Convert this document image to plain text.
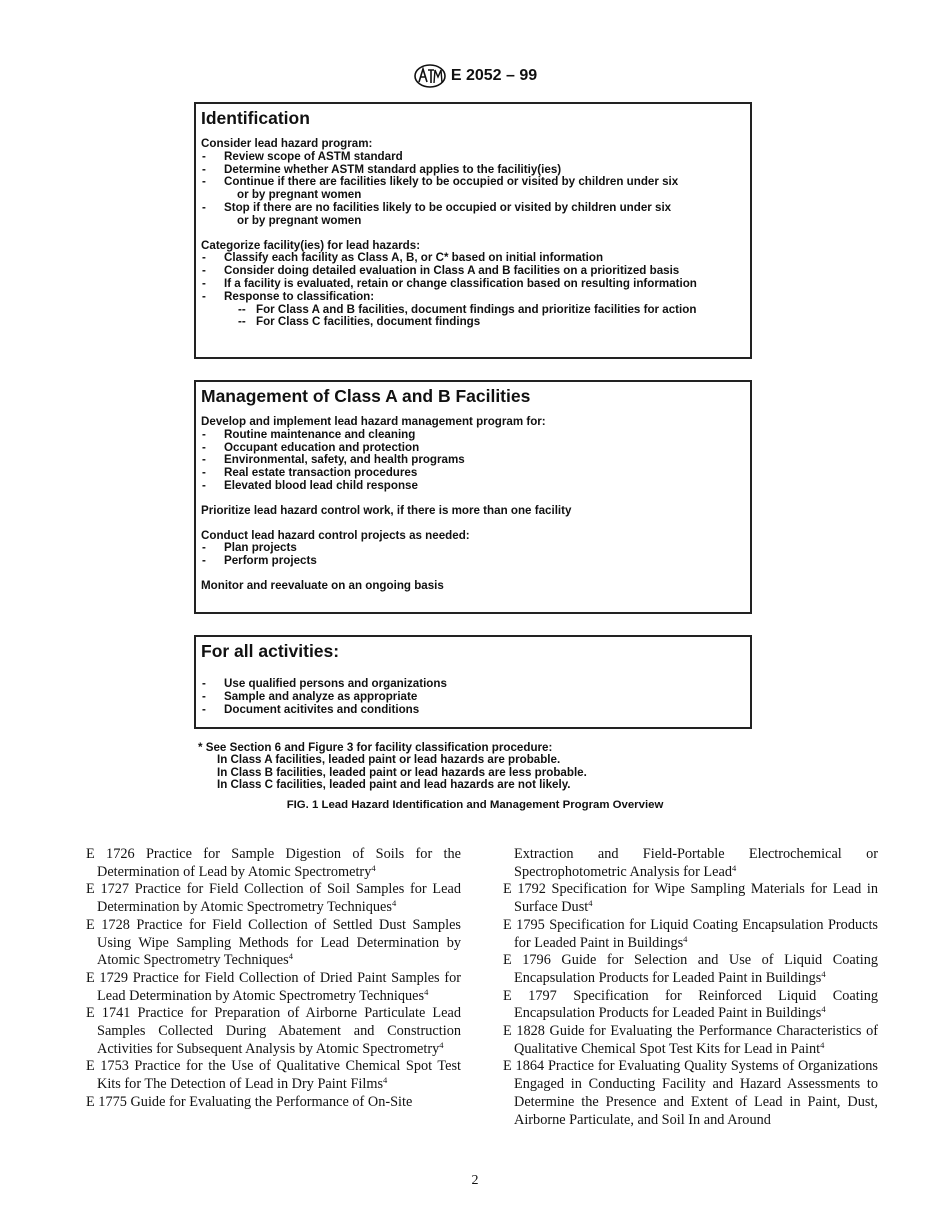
E 2052 – 99
Identification
Consider lead hazard program:
- Review scope of ASTM standard
- Determine whether ASTM standard applies to the facilitiy(ies)
- Continue if there are facilities likely to be occupied or visited by children under six
or by pregnant women
- Stop if there are no facilities likely to be occupied or visited by children under six
or by pregnant women
Categorize facility(ies) for lead hazards:
- Classify each facility as Class A, B, or C* based on initial information
- Consider doing detailed evaluation in Class A and B facilities on a prioritized basis
- If a facility is evaluated, retain or change classification based on resulting information
- Response to classification:
-- For Class A and B facilities, document findings and prioritize facilities for action
-- For Class C facilities, document findings
Management of Class A and B Facilities
Develop and implement lead hazard management program for:
- Routine maintenance and cleaning
- Occupant education and protection
- Environmental, safety, and health programs
- Real estate transaction procedures
- Elevated blood lead child response
Prioritize lead hazard control work, if there is more than one facility
Conduct lead hazard control projects as needed:
- Plan projects
- Perform projects
Monitor and reevaluate on an ongoing basis
For all activities:
- Use qualified persons and organizations
- Sample and analyze as appropriate
- Document acitivites and conditions
* See Section 6 and Figure 3 for facility classification procedure:
In Class A facilities, leaded paint or lead hazards are probable.
In Class B facilities, leaded paint or lead hazards are less probable.
In Class C facilities, leaded paint and lead hazards are not likely.
FIG. 1 Lead Hazard Identification and Management Program Overview
E 1726 Practice for Sample Digestion of Soils for the Determination of Lead by Atomic Spectrometry$^4$
E 1727 Practice for Field Collection of Soil Samples for Lead Determination by Atomic Spectrometry Techniques$^4$
E 1728 Practice for Field Collection of Settled Dust Samples Using Wipe Sampling Methods for Lead Determination by Atomic Spectrometry Techniques$^4$
E 1729 Practice for Field Collection of Dried Paint Samples for Lead Determination by Atomic Spectrometry Techniques$^4$
E 1741 Practice for Preparation of Airborne Particulate Lead Samples Collected During Abatement and Construction Activities for Subsequent Analysis by Atomic Spectrometry$^4$
E 1753 Practice for the Use of Qualitative Chemical Spot Test Kits for The Detection of Lead in Dry Paint Films$^4$
E 1775 Guide for Evaluating the Performance of On-Site
Extraction and Field-Portable Electrochemical or Spectrophotometric Analysis for Lead$^4$
E 1792 Specification for Wipe Sampling Materials for Lead in Surface Dust$^4$
E 1795 Specification for Liquid Coating Encapsulation Products for Leaded Paint in Buildings$^4$
E 1796 Guide for Selection and Use of Liquid Coating Encapsulation Products for Leaded Paint in Buildings$^4$
E 1797 Specification for Reinforced Liquid Coating Encapsulation Products for Leaded Paint in Buildings$^4$
E 1828 Guide for Evaluating the Performance Characteristics of Qualitative Chemical Spot Test Kits for Lead in Paint$^4$
E 1864 Practice for Evaluating Quality Systems of Organizations Engaged in Conducting Facility and Hazard Assessments to Determine the Presence and Extent of Lead in Paint, Dust, Airborne Particulate, and Soil In and Around
2
